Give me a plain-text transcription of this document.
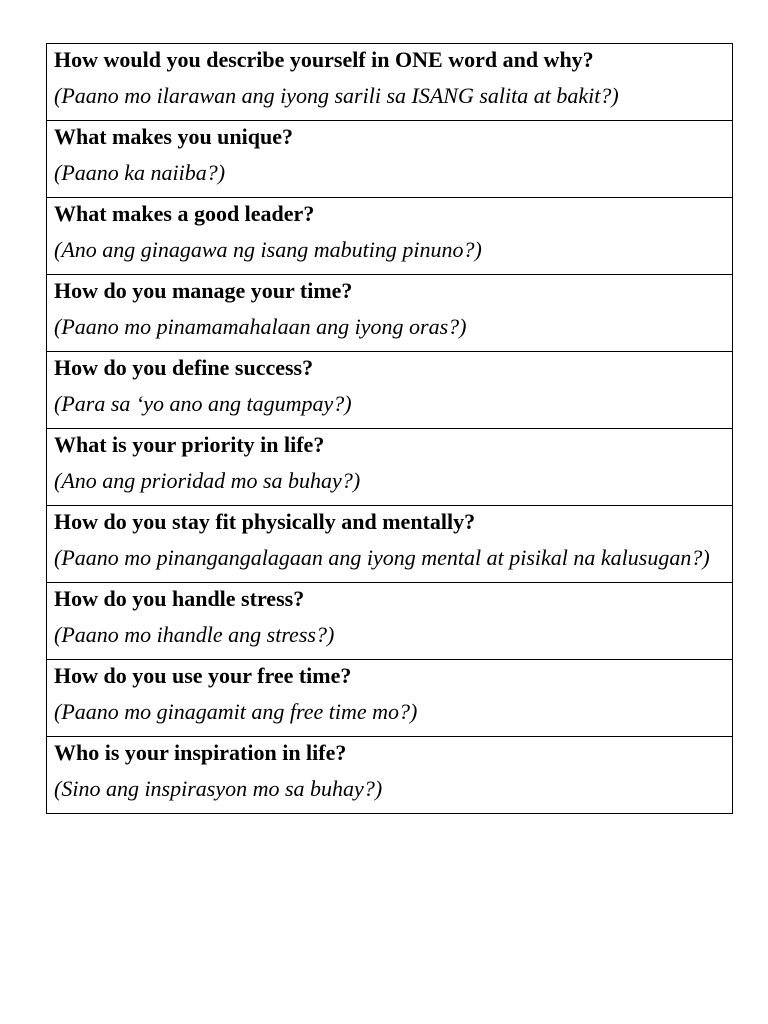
How would you describe yourself in ONE word and why?
(Paano mo ilarawan ang iyong sarili sa ISANG salita at bakit?)

What makes you unique?
(Paano ka naiiba?)

What makes a good leader?
(Ano ang ginagawa ng isang mabuting pinuno?)

How do you manage your time?
(Paano mo pinamamahalaan ang iyong oras?)

How do you define success?
(Para sa ‘yo ano ang tagumpay?)

What is your priority in life?
(Ano ang prioridad mo sa buhay?)

How do you stay fit physically and mentally?
(Paano mo pinangangalagaan ang iyong mental at pisikal na kalusugan?)

How do you handle stress?
(Paano mo ihandle ang stress?)

How do you use your free time?
(Paano mo ginagamit ang free time mo?)

Who is your inspiration in life?
(Sino ang inspirasyon mo sa buhay?)
